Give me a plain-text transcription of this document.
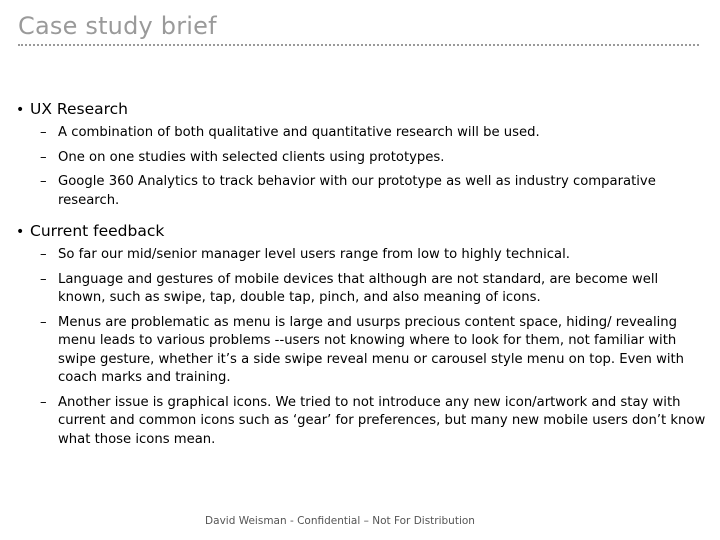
Case study brief
• UX Research
– A combination of both qualitative and quantitative research will be used.
– One on one studies with selected clients using prototypes.
– Google 360 Analytics to track behavior with our prototype as well as industry comparative research.
• Current feedback
– So far our mid/senior manager level users range from low to highly technical.
– Language and gestures of mobile devices that although are not standard, are become well known, such as swipe, tap, double tap, pinch, and also meaning of icons.
– Menus are problematic as menu is large and usurps precious content space, hiding/ revealing menu leads to various problems --users not knowing where to look for them, not familiar with swipe gesture, whether it’s a side swipe reveal menu or carousel style menu on top. Even with coach marks and training.
– Another issue is graphical icons. We tried to not introduce any new icon/artwork and stay with current and common icons such as ‘gear’ for preferences, but many new mobile users don’t know what those icons mean.
David Weisman - Confidential – Not For Distribution
